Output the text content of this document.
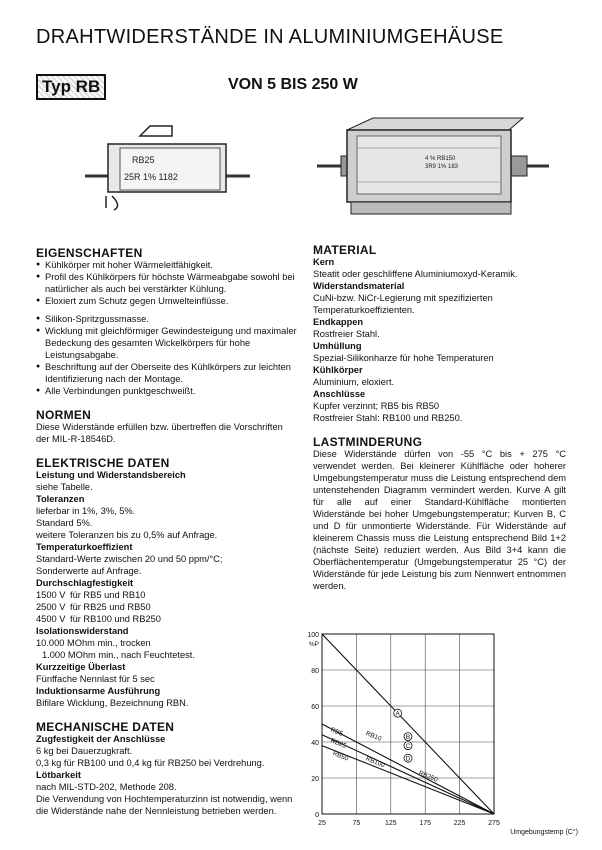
DRAHTWIDERSTÄNDE IN ALUMINIUMGEHÄUSE
Typ RB	VON 5 BIS 250 W
RB25
25R 1% 1182
4 % RB150
3R9 1% 183

EIGENSCHAFTEN

● Kühlkörper mit hoher Wärmeleitfähigkeit.
● Profil des Kühlkörpers für höchste Wärmeabgabe sowohl bei natürlicher als auch bei verstärkter Kühlung.
● Eloxiert zum Schutz gegen Umwelteinflüsse.
● Silikon-Spritzgussmasse.
● Wicklung mit gleichförmiger Gewindesteigung und maximaler Bedeckung des gesamten Wickelkörpers für hohe Leistungsabgabe.
● Beschriftung auf der Oberseite des Kühlkörpers zur leichten Identifizierung nach der Montage.
● Alle Verbindungen punktgeschweißt.

NORMEN

Diese Widerstände erfüllen bzw. übertreffen die Vorschriften der MIL-R-18546D.

ELEKTRISCHE DATEN

Leistung und Widerstandsbereich

siehe Tabelle.

Toleranzen

lieferbar in 1%, 3%, 5%.

Standard 5%.

weitere Toleranzen bis zu 0,5% auf Anfrage.

Temperaturkoeffizient

Standard-Werte zwischen 20 und 50 ppm/°C;

Sonderwerte auf Anfrage.

Durchschlagfestigkeit

1500 V für RB5 und RB10
2500 V für RB25 und RB50
4500 V für RB100 und RB250

Isolationswiderstand

10.000 MOhm min., trocken

1.000 MOhm min., nach Feuchtetest.

Kurzzeitige Überlast

Fünffache Nennlast für 5 sec

Induktionsarme Ausführung

Bifilare Wicklung, Bezeichnung RBN.

MECHANISCHE DATEN

Zugfestigkeit der Anschlüsse

6 kg bei Dauerzugkraft.

0,3 kg für RB100 und 0,4 kg für RB250 bei Verdrehung.

Lötbarkeit

nach MIL-STD-202, Methode 208.

Die Verwendung von Hochtemperaturzinn ist notwendig, wenn die Widerstände nahe der Nennleistung betrieben werden.

MATERIAL

Kern

Steatit oder geschliffene Aluminiumoxyd-Keramik.

Widerstandsmaterial

CuNi-bzw. NiCr-Legierung mit spezifizierten Temperaturkoeffizienten.

Endkappen

Rostfreier Stahl.

Umhüllung

Spezial-Silikonharze für hohe Temperaturen

Kühlkörper

Aluminium, eloxiert.

Anschlüsse

Kupfer verzinnt; RB5 bis RB50

Rostfreier Stahl: RB100 und RB250.

LASTMINDERUNG

Diese Widerstände dürfen von -55 °C bis + 275 °C verwendet werden. Bei kleinerer Kühlfläche oder hoherer Umgebungstemperatur muss die Leistung entsprechend dem untenstehenden Diagramm vermindert werden. Kurve A gilt für alle auf einer Standard-Kühlfläche montierten Widerstände bei hoher Umgebungstemperatur; Kurven B, C und D für unmontierte Widerstände. Für Widerstände auf kleinerem Chassis muss die Leistung entsprechend Bild 1+2 (nächste Seite) reduziert werden. Aus Bild 3+4 kann die Oberflächentemperatur (Umgebungstemperatur 25 °C) der Widerstände für jede Leistung bis zum Nennwert entnommen werden.

25	75	125	175	225	275
0
20
40
60
80
100
%P
Umgebungstemp (C°)
A
B
C
D
RB5	RB10
RB25
RB50 RB100
RB250
